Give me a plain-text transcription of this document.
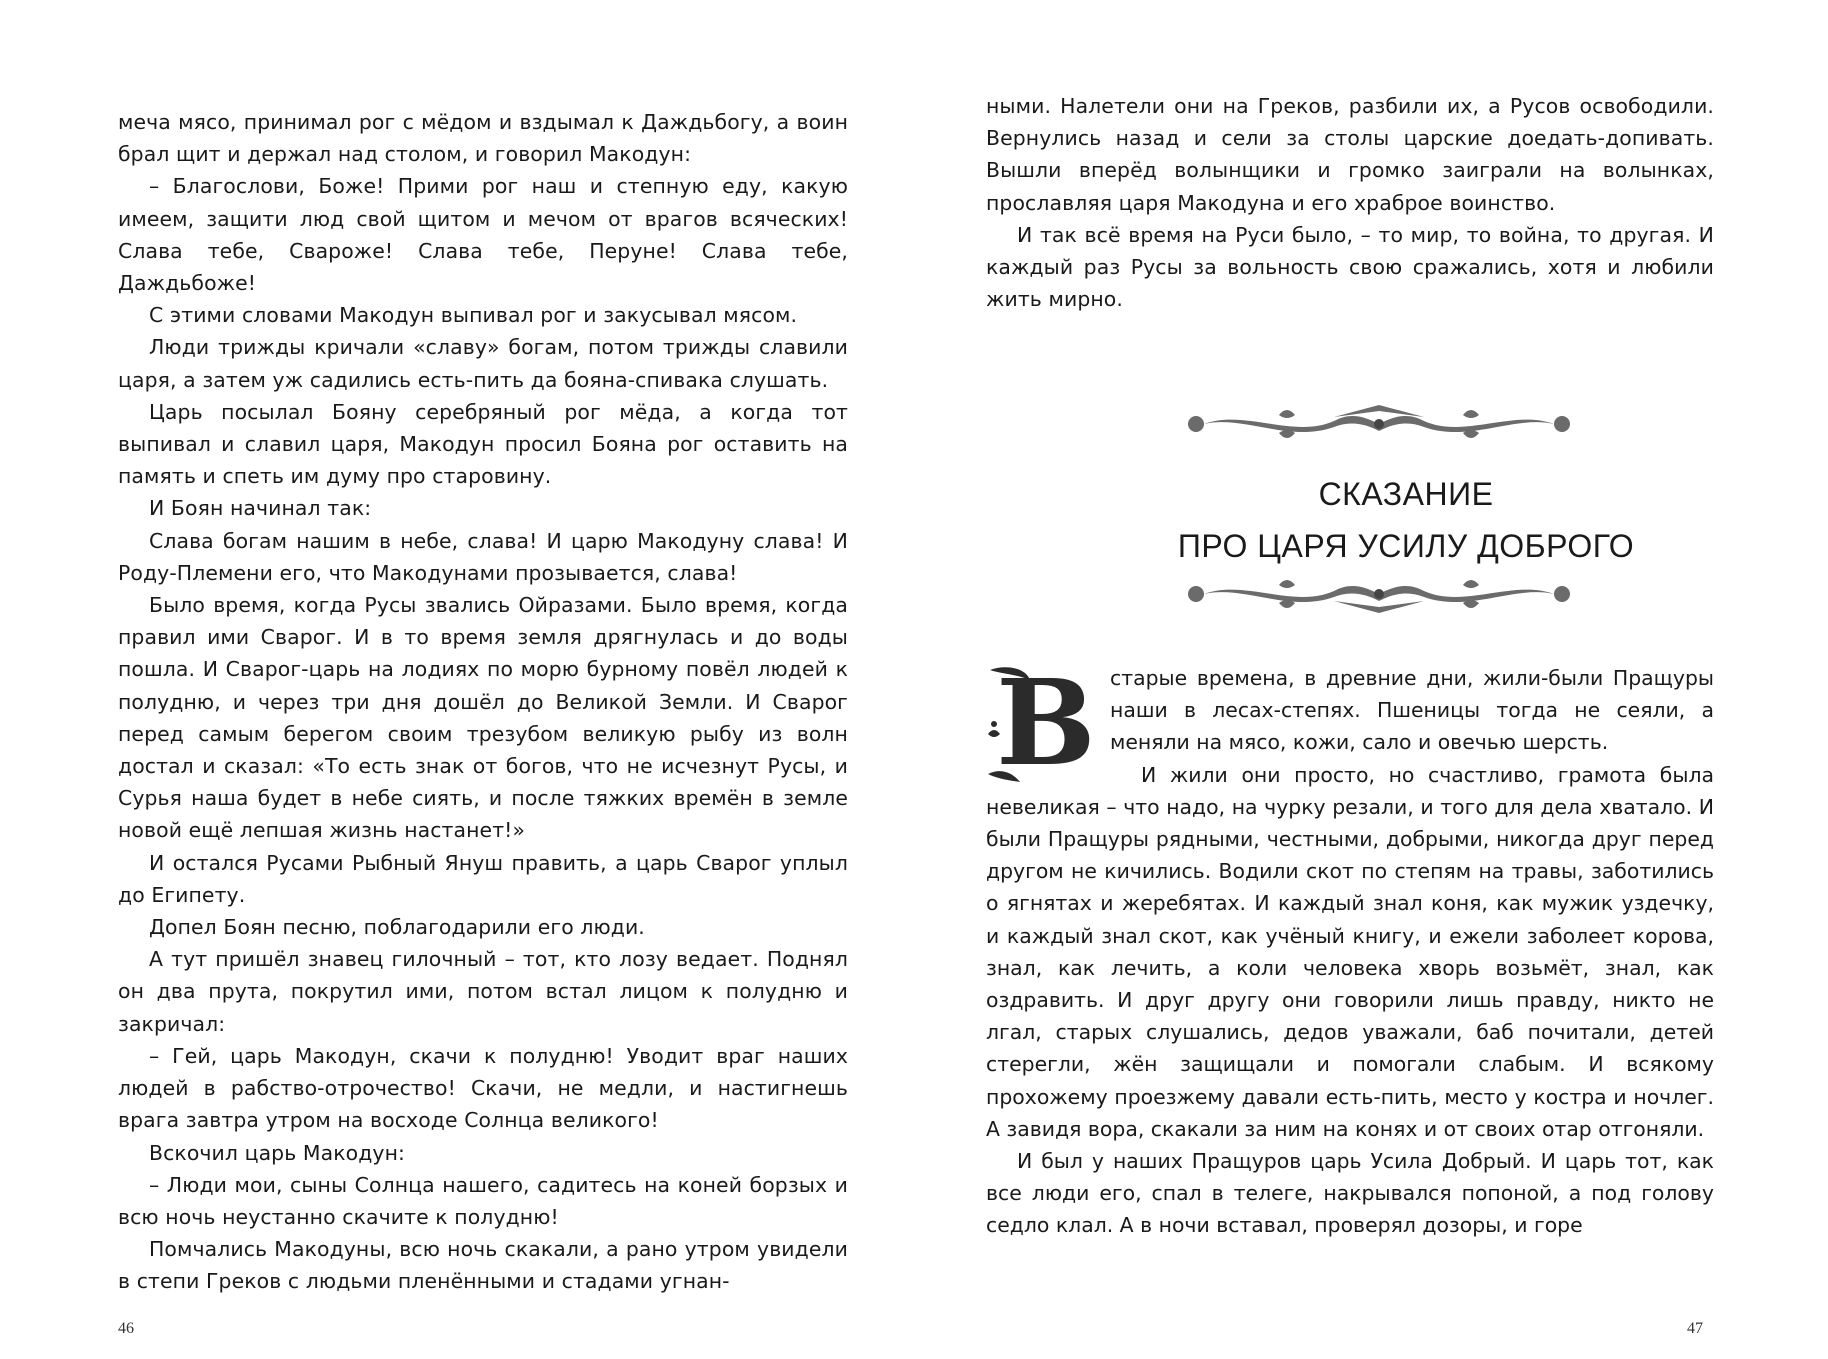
меча мясо, принимал рог с мёдом и вздымал к Даждьбогу, а воин брал щит и держал над столом, и говорил Макодун:

– Благослови, Боже! Прими рог наш и степную еду, какую имеем, защити люд свой щитом и мечом от врагов всяческих! Слава тебе, Свароже! Слава тебе, Перуне! Слава тебе, Даждьбоже!

С этими словами Макодун выпивал рог и закусывал мясом.

Люди трижды кричали «славу» богам, потом трижды славили царя, а затем уж садились есть-пить да бояна-спивака слушать.

Царь посылал Бояну серебряный рог мёда, а когда тот выпивал и славил царя, Макодун просил Бояна рог оставить на память и спеть им думу про старовину.

И Боян начинал так:

Слава богам нашим в небе, слава! И царю Макодуну слава! И Роду-Племени его, что Макодунами прозывается, слава!

Было время, когда Русы звались Ойразами. Было время, когда правил ими Сварог. И в то время земля дрягнулась и до воды пошла. И Сварог-царь на лодиях по морю бурному повёл людей к полудню, и через три дня дошёл до Великой Земли. И Сварог перед самым берегом своим трезубом великую рыбу из волн достал и сказал: «То есть знак от богов, что не исчезнут Русы, и Сурья наша будет в небе сиять, и после тяжких времён в земле новой ещё лепшая жизнь настанет!»

И остался Русами Рыбный Януш править, а царь Сварог уплыл до Египету.

Допел Боян песню, поблагодарили его люди.

А тут пришёл знавец гилочный – тот, кто лозу ведает. Поднял он два прута, покрутил ими, потом встал лицом к полудню и закричал:

– Гей, царь Макодун, скачи к полудню! Уводит враг наших людей в рабство-отрочество! Скачи, не медли, и настигнешь врага завтра утром на восходе Солнца великого!

Вскочил царь Макодун:

– Люди мои, сыны Солнца нашего, садитесь на коней борзых и всю ночь неустанно скачите к полудню!

Помчались Макодуны, всю ночь скакали, а рано утром увидели в степи Греков с людьми пленёнными и стадами угнан-

46

ными. Налетели они на Греков, разбили их, а Русов освободили. Вернулись назад и сели за столы царские доедать-допивать. Вышли вперёд волынщики и громко заиграли на волынках, прославляя царя Макодуна и его храброе воинство.

И так всё время на Руси было, – то мир, то война, то другая. И каждый раз Русы за вольность свою сражались, хотя и любили жить мирно.

СКАЗАНИЕ
ПРО ЦАРЯ УСИЛУ ДОБРОГО
В старые времена, в древние дни, жили-были Пращуры наши в лесах-степях. Пшеницы тогда не сеяли, а меняли на мясо, кожи, сало и овечью шерсть.

И жили они просто, но счастливо, грамота была невеликая – что надо, на чурку резали, и того для дела хватало. И были Пращуры рядными, честными, добрыми, никогда друг перед другом не кичились. Водили скот по степям на травы, заботились о ягнятах и жеребятах. И каждый знал коня, как мужик уздечку, и каждый знал скот, как учёный книгу, и ежели заболеет корова, знал, как лечить, а коли человека хворь возьмёт, знал, как оздравить. И друг другу они говорили лишь правду, никто не лгал, старых слушались, дедов уважали, баб почитали, детей стерегли, жён защищали и помогали слабым. И всякому прохожему проезжему давали есть-пить, место у костра и ночлег. А завидя вора, скакали за ним на конях и от своих отар отгоняли.

И был у наших Пращуров царь Усила Добрый. И царь тот, как все люди его, спал в телеге, накрывался попоной, а под голову седло клал. А в ночи вставал, проверял дозоры, и горе

47
